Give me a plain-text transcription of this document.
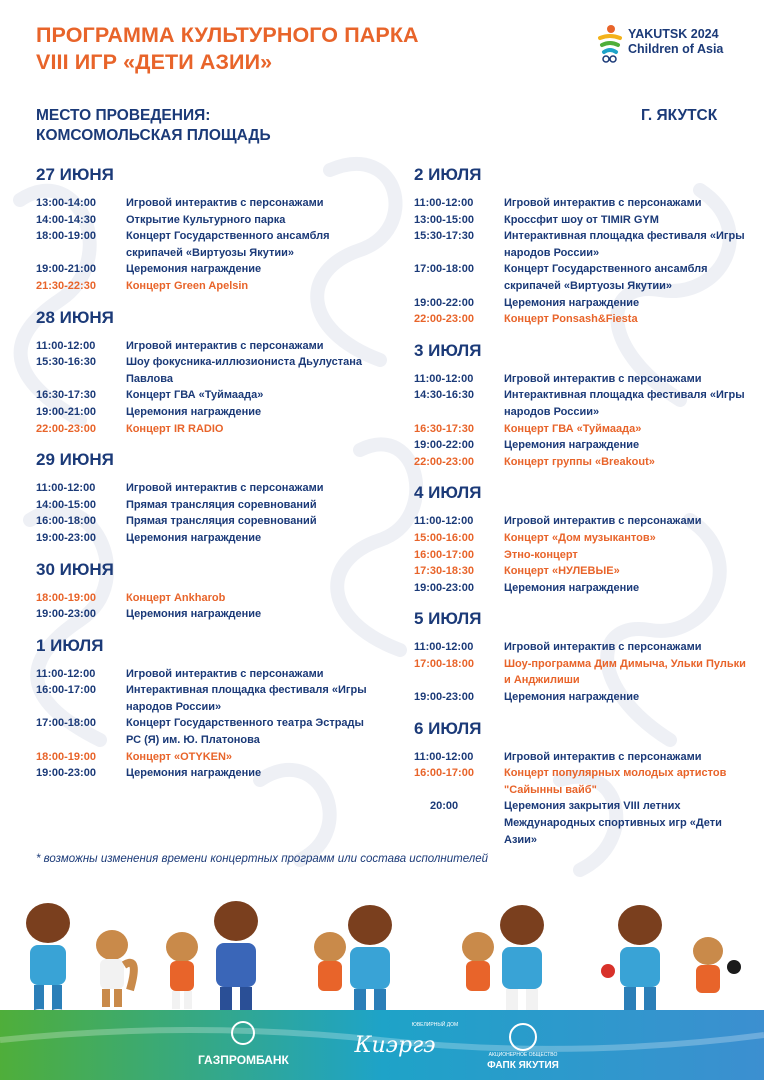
ПРОГРАММА КУЛЬТУРНОГО ПАРКА
VIII ИГР «ДЕТИ АЗИИ»
YAKUTSK 2024
Children of Asia
МЕСТО ПРОВЕДЕНИЯ:
КОМСОМОЛЬСКАЯ ПЛОЩАДЬ
Г. ЯКУТСК
27 ИЮНЯ
13:00-14:00	Игровой интерактив с персонажами
14:00-14:30	Открытие Культурного парка
18:00-19:00	Концерт Государственного ансамбля скрипачей «Виртуозы Якутии»
19:00-21:00	Церемония награждение
21:30-22:30	Концерт Green Apelsin
28 ИЮНЯ
11:00-12:00	Игровой интерактив с персонажами
15:30-16:30	Шоу фокусника-иллюзиониста Дьулустана Павлова
16:30-17:30	Концерт ГВА «Туймаада»
19:00-21:00	Церемония награждение
22:00-23:00	Концерт IR RADIO
29 ИЮНЯ
11:00-12:00	Игровой интерактив с персонажами
14:00-15:00	Прямая трансляция соревнований
16:00-18:00	Прямая трансляция соревнований
19:00-23:00	Церемония награждение
30 ИЮНЯ
18:00-19:00	Концерт Ankharob
19:00-23:00	Церемония награждение
1 ИЮЛЯ
11:00-12:00	Игровой интерактив с персонажами
16:00-17:00	Интерактивная площадка фестиваля «Игры народов России»
17:00-18:00	Концерт Государственного театра Эстрады РС (Я) им. Ю. Платонова
18:00-19:00	Концерт «OTYKEN»
19:00-23:00	Церемония награждение
2 ИЮЛЯ
11:00-12:00	Игровой интерактив с персонажами
13:00-15:00	Кроссфит шоу от TIMIR GYM
15:30-17:30	Интерактивная площадка фестиваля «Игры народов России»
17:00-18:00	Концерт Государственного ансамбля скрипачей «Виртуозы Якутии»
19:00-22:00	Церемония награждение
22:00-23:00	Концерт Ponsash&Fiesta
3 ИЮЛЯ
11:00-12:00	Игровой интерактив с персонажами
14:30-16:30	Интерактивная площадка фестиваля «Игры народов России»
16:30-17:30	Концерт ГВА «Туймаада»
19:00-22:00	Церемония награждение
22:00-23:00	Концерт группы «Breakout»
4 ИЮЛЯ
11:00-12:00	Игровой интерактив с персонажами
15:00-16:00	Концерт «Дом музыкантов»
16:00-17:00	Этно-концерт
17:30-18:30	Концерт «НУЛЕВЫЕ»
19:00-23:00	Церемония награждение
5 ИЮЛЯ
11:00-12:00	Игровой интерактив с персонажами
17:00-18:00	Шоу-программа Дим Димыча, Ульки Пульки и Анджилиши
19:00-23:00	Церемония награждение
6 ИЮЛЯ
11:00-12:00	Игровой интерактив с персонажами
16:00-17:00	Концерт популярных молодых артистов "Сайынны вайб"
20:00	Церемония закрытия VIII летних Международных спортивных игр «Дети Азии»
* возможны изменения времени концертных программ или состава исполнителей
ГАЗПРОМБАНК
Киэргэ
ФАПК ЯКУТИЯ
ЮВЕЛИРНЫЙ ДОМ
АКЦИОНЕРНОЕ ОБЩЕСТВО
